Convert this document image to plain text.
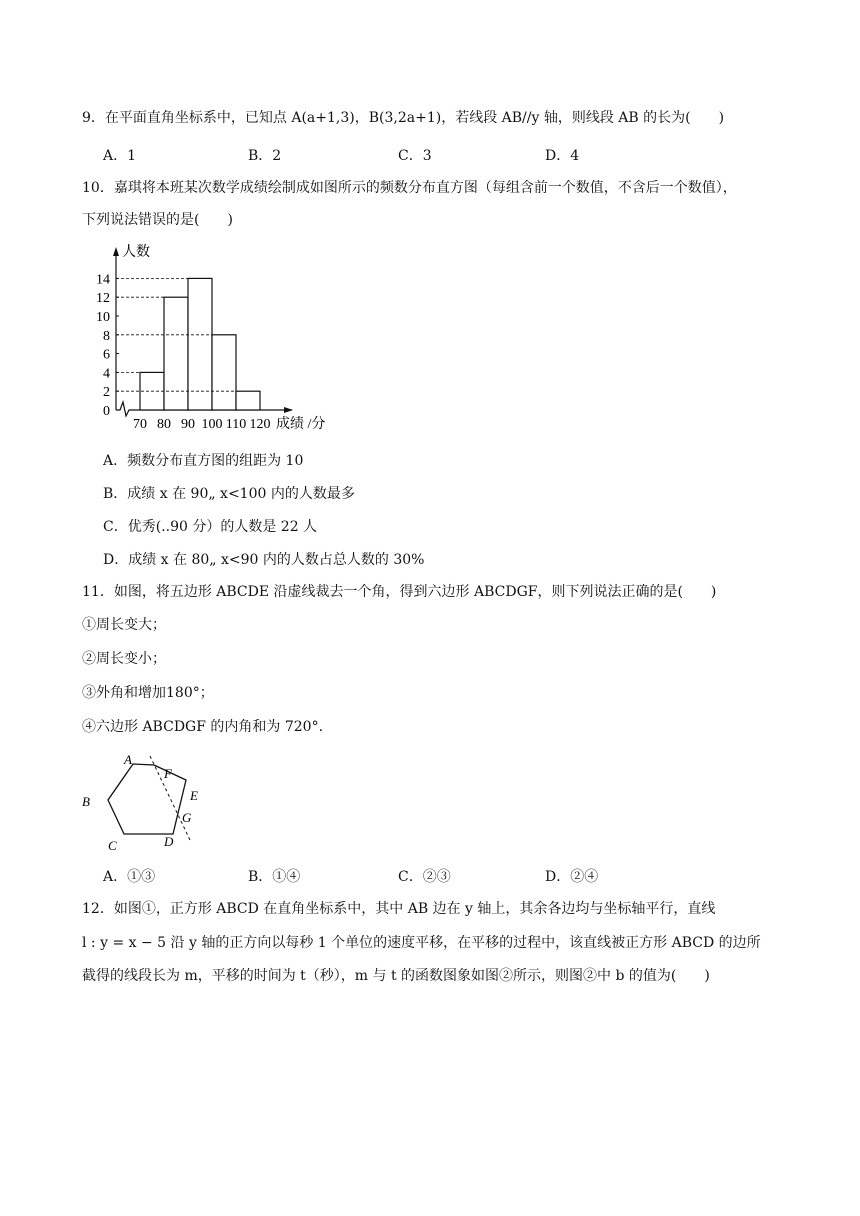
9．在平面直角坐标系中，已知点 A(a+1,3)，B(3,2a+1)，若线段 AB//y 轴，则线段 AB 的长为(　　)
A．1	B．2	C．3	D．4
10．嘉琪将本班某次数学成绩绘制成如图所示的频数分布直方图（每组含前一个数值，不含后一个数值），
下列说法错误的是(　　)
人数
0
2
4
6
8
10
12
14
70 80 90 100 110 120 成绩 /分
A．频数分布直方图的组距为 10
B．成绩 x 在 90„ x<100 内的人数最多
C．优秀(..90 分）的人数是 22 人
D．成绩 x 在 80„ x<90 内的人数占总人数的 30%
11．如图，将五边形 ABCDE 沿虚线裁去一个角，得到六边形 ABCDGF，则下列说法正确的是(　　)
①周长变大；
②周长变小；
③外角和增加180°；
④六边形 ABCDGF 的内角和为 720°.
A
B
C	D
E
F
G
A．①③	B．①④	C．②③	D．②④
12．如图①，正方形 ABCD 在直角坐标系中，其中 AB 边在 y 轴上，其余各边均与坐标轴平行，直线
l : y = x − 5 沿 y 轴的正方向以每秒 1 个单位的速度平移，在平移的过程中，该直线被正方形 ABCD 的边所
截得的线段长为 m，平移的时间为 t（秒），m 与 t 的函数图象如图②所示，则图②中 b 的值为(　　)
